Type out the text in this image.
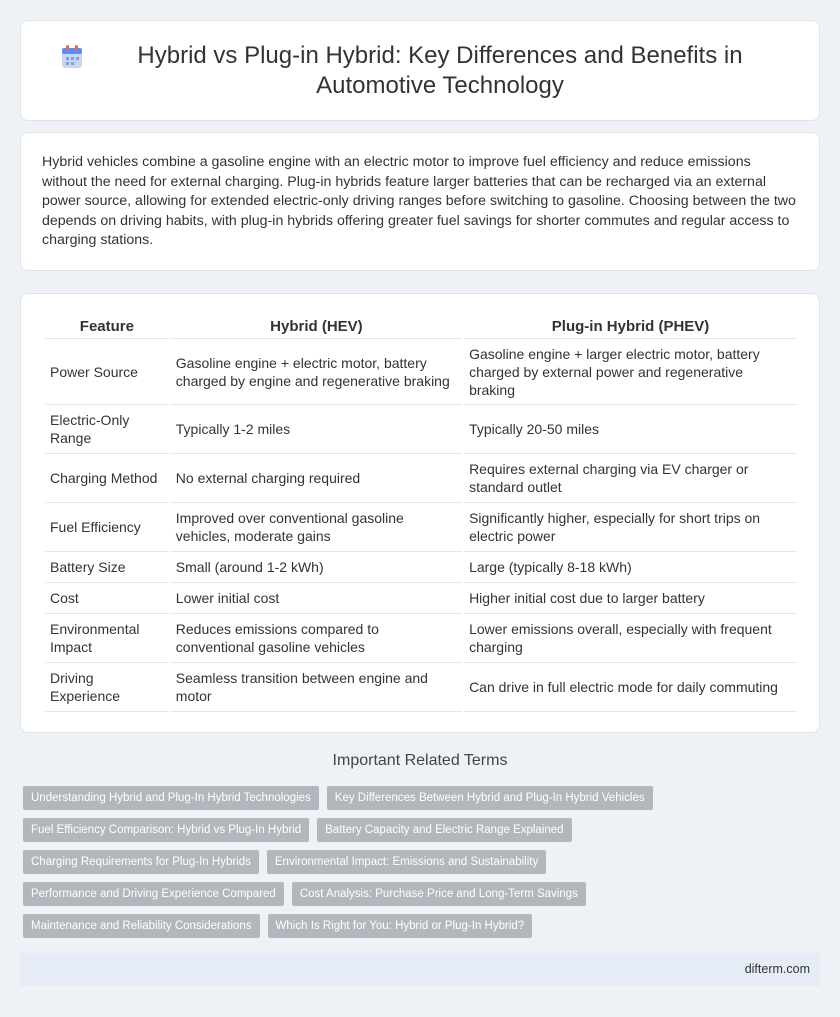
Hybrid vs Plug-in Hybrid: Key Differences and Benefits in Automotive Technology

Hybrid vehicles combine a gasoline engine with an electric motor to improve fuel efficiency and reduce emissions without the need for external charging. Plug-in hybrids feature larger batteries that can be recharged via an external power source, allowing for extended electric-only driving ranges before switching to gasoline. Choosing between the two depends on driving habits, with plug-in hybrids offering greater fuel savings for shorter commutes and regular access to charging stations.

Feature	Hybrid (HEV)	Plug-in Hybrid (PHEV)
Power Source	Gasoline engine + electric motor, battery charged by engine and regenerative braking	Gasoline engine + larger electric motor, battery charged by external power and regenerative braking
Electric-Only Range	Typically 1-2 miles	Typically 20-50 miles
Charging Method	No external charging required	Requires external charging via EV charger or standard outlet
Fuel Efficiency	Improved over conventional gasoline vehicles, moderate gains	Significantly higher, especially for short trips on electric power
Battery Size	Small (around 1-2 kWh)	Large (typically 8-18 kWh)
Cost	Lower initial cost	Higher initial cost due to larger battery
Environmental Impact	Reduces emissions compared to conventional gasoline vehicles	Lower emissions overall, especially with frequent charging
Driving Experience	Seamless transition between engine and motor	Can drive in full electric mode for daily commuting
Important Related Terms
Understanding Hybrid and Plug-In Hybrid Technologies	Key Differences Between Hybrid and Plug-In Hybrid Vehicles
Fuel Efficiency Comparison: Hybrid vs Plug-In Hybrid	Battery Capacity and Electric Range Explained
Charging Requirements for Plug-In Hybrids	Environmental Impact: Emissions and Sustainability
Performance and Driving Experience Compared	Cost Analysis: Purchase Price and Long-Term Savings
Maintenance and Reliability Considerations	Which Is Right for You: Hybrid or Plug-In Hybrid?
difterm.com
